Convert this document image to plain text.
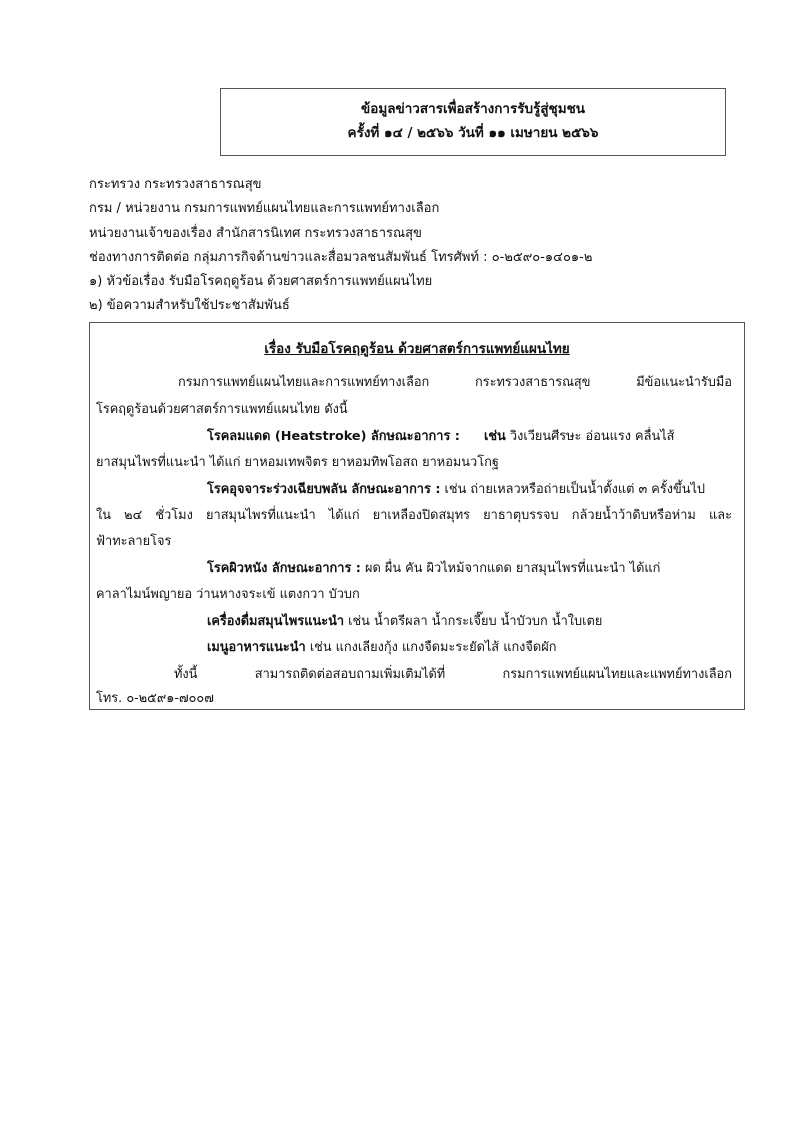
ข้อมูลข่าวสารเพื่อสร้างการรับรู้สู่ชุมชน
ครั้งที่ ๑๔ / ๒๕๖๖ วันที่ ๑๑ เมษายน ๒๕๖๖
กระทรวง กระทรวงสาธารณสุข
กรม / หน่วยงาน กรมการแพทย์แผนไทยและการแพทย์ทางเลือก
หน่วยงานเจ้าของเรื่อง สำนักสารนิเทศ กระทรวงสาธารณสุข
ช่องทางการติดต่อ กลุ่มภารกิจด้านข่าวและสื่อมวลชนสัมพันธ์ โทรศัพท์ : ๐-๒๕๙๐-๑๔๐๑-๒
๑) หัวข้อเรื่อง รับมือโรคฤดูร้อน ด้วยศาสตร์การแพทย์แผนไทย
๒) ข้อความสำหรับใช้ประชาสัมพันธ์
เรื่อง รับมือโรคฤดูร้อน ด้วยศาสตร์การแพทย์แผนไทย
กรมการแพทย์แผนไทยและการแพทย์ทางเลือก กระทรวงสาธารณสุข มีข้อแนะนำรับมือ
โรคฤดูร้อนด้วยศาสตร์การแพทย์แผนไทย ดังนี้
โรคลมแดด (Heatstroke) ลักษณะอาการ : เช่น วิงเวียนศีรษะ อ่อนแรง คลื่นไส้
ยาสมุนไพรที่แนะนำ ได้แก่ ยาหอมเทพจิตร ยาหอมทิพโอสถ ยาหอมนวโกฐ
โรคอุจจาระร่วงเฉียบพลัน ลักษณะอาการ : เช่น ถ่ายเหลวหรือถ่ายเป็นน้ำตั้งแต่ ๓ ครั้งขึ้นไป
ใน ๒๔ ชั่วโมง ยาสมุนไพรที่แนะนำ ได้แก่ ยาเหลืองปิดสมุทร ยาธาตุบรรจบ กล้วยน้ำว้าดิบหรือห่าม และ
ฟ้าทะลายโจร
โรคผิวหนัง ลักษณะอาการ : ผด ผื่น คัน ผิวไหม้จากแดด ยาสมุนไพรที่แนะนำ ได้แก่
คาลาไมน์พญายอ ว่านหางจระเข้ แตงกวา บัวบก
เครื่องดื่มสมุนไพรแนะนำ เช่น น้ำตรีผลา น้ำกระเจี๊ยบ น้ำบัวบก น้ำใบเตย
เมนูอาหารแนะนำ เช่น แกงเลียงกุ้ง แกงจืดมะระยัดไส้ แกงจืดผัก
ทั้งนี้ สามารถติดต่อสอบถามเพิ่มเติมได้ที่ กรมการแพทย์แผนไทยและแพทย์ทางเลือก
โทร. ๐-๒๕๙๑-๗๐๐๗
